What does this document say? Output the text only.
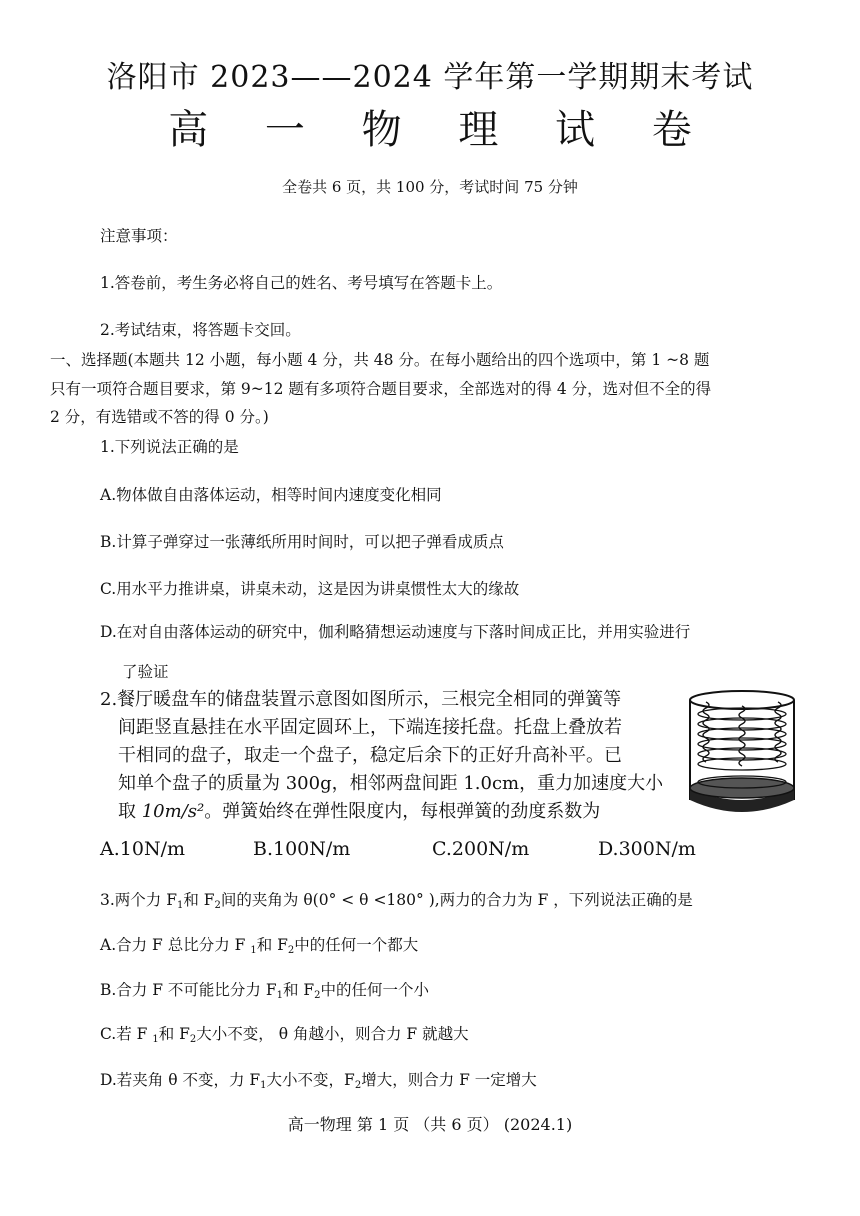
洛阳市 2023——2024 学年第一学期期末考试
高 一 物 理 试 卷
全卷共 6 页，共 100 分，考试时间 75 分钟
注意事项：
1.答卷前，考生务必将自己的姓名、考号填写在答题卡上。
2.考试结束，将答题卡交回。
一、选择题(本题共 12 小题，每小题 4 分，共 48 分。在每小题给出的四个选项中，第 1 ~8 题
只有一项符合题目要求，第 9~12 题有多项符合题目要求，全部选对的得 4 分，选对但不全的得
2 分，有选错或不答的得 0 分。)
1.下列说法正确的是
A.物体做自由落体运动，相等时间内速度变化相同
B.计算子弹穿过一张薄纸所用时间时，可以把子弹看成质点
C.用水平力推讲桌，讲桌未动，这是因为讲桌惯性太大的缘故
D.在对自由落体运动的研究中，伽利略猜想运动速度与下落时间成正比，并用实验进行
了验证
2.餐厅暖盘车的储盘装置示意图如图所示，三根完全相同的弹簧等
间距竖直悬挂在水平固定圆环上，下端连接托盘。托盘上叠放若
干相同的盘子，取走一个盘子，稳定后余下的正好升高补平。已
知单个盘子的质量为 300g，相邻两盘间距 1.0cm，重力加速度大小
取 10m/s²。弹簧始终在弹性限度内，每根弹簧的劲度系数为
A.10N/m	B.100N/m	C.200N/m	D.300N/m
3.两个力 $F_1$和 $F_2$间的夹角为 θ(0° < θ <180° ),两力的合力为 F ，下列说法正确的是
A.合力 F 总比分力 F $_1$和 $F_2$中的任何一个都大
B.合力 F 不可能比分力 $F_1$和 $F_2$中的任何一个小
C.若 F $_1$和 $F_2$大小不变， θ 角越小，则合力 F 就越大
D.若夹角 θ 不变，力 $F_1$大小不变，$F_2$增大，则合力 F 一定增大
高一物理 第 1 页 （共 6 页） (2024.1)
